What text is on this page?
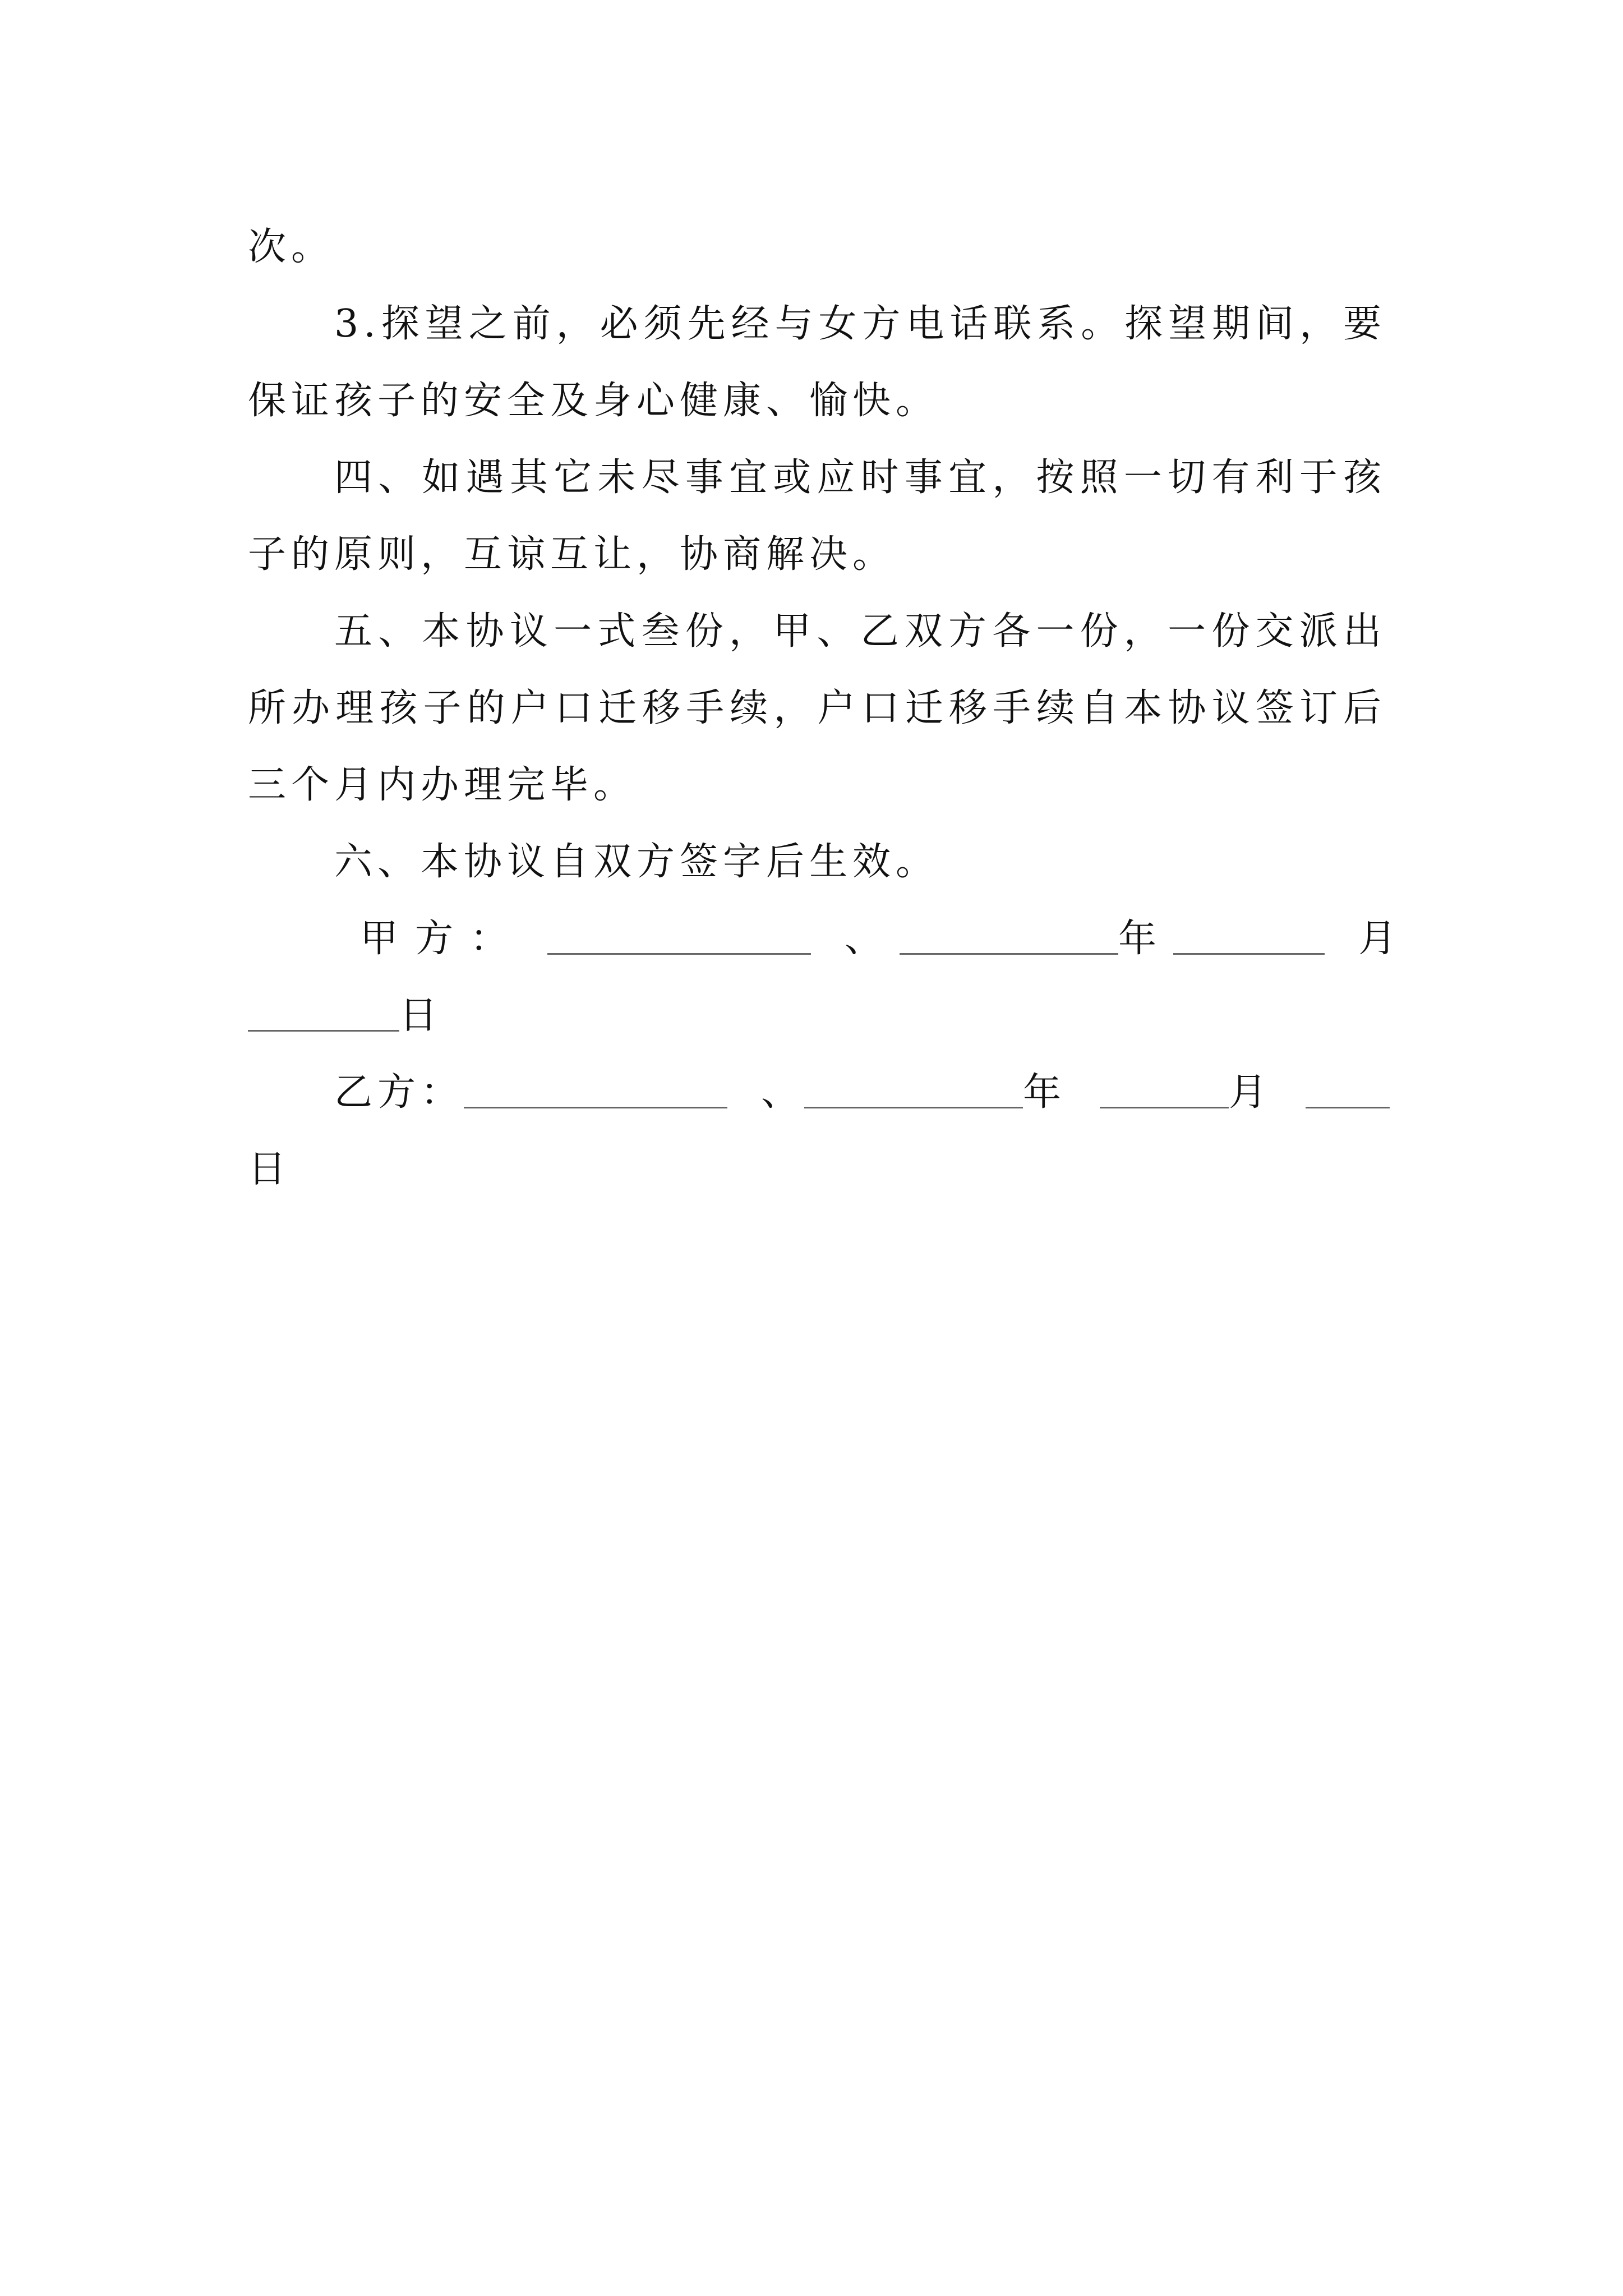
次。

3.探望之前，必须先经与女方电话联系。探望期间，要保证孩子的安全及身心健康、愉快。

四、如遇其它未尽事宜或应时事宜，按照一切有利于孩子的原则，互谅互让，协商解决。

五、本协议一式叁份，甲、乙双方各一份，一份交派出所办理孩子的户口迁移手续，户口迁移手续自本协议签订后三个月内办理完毕。

六、本协议自双方签字后生效。

甲方：	、	年	月
日
乙方：	、	年	月
日
